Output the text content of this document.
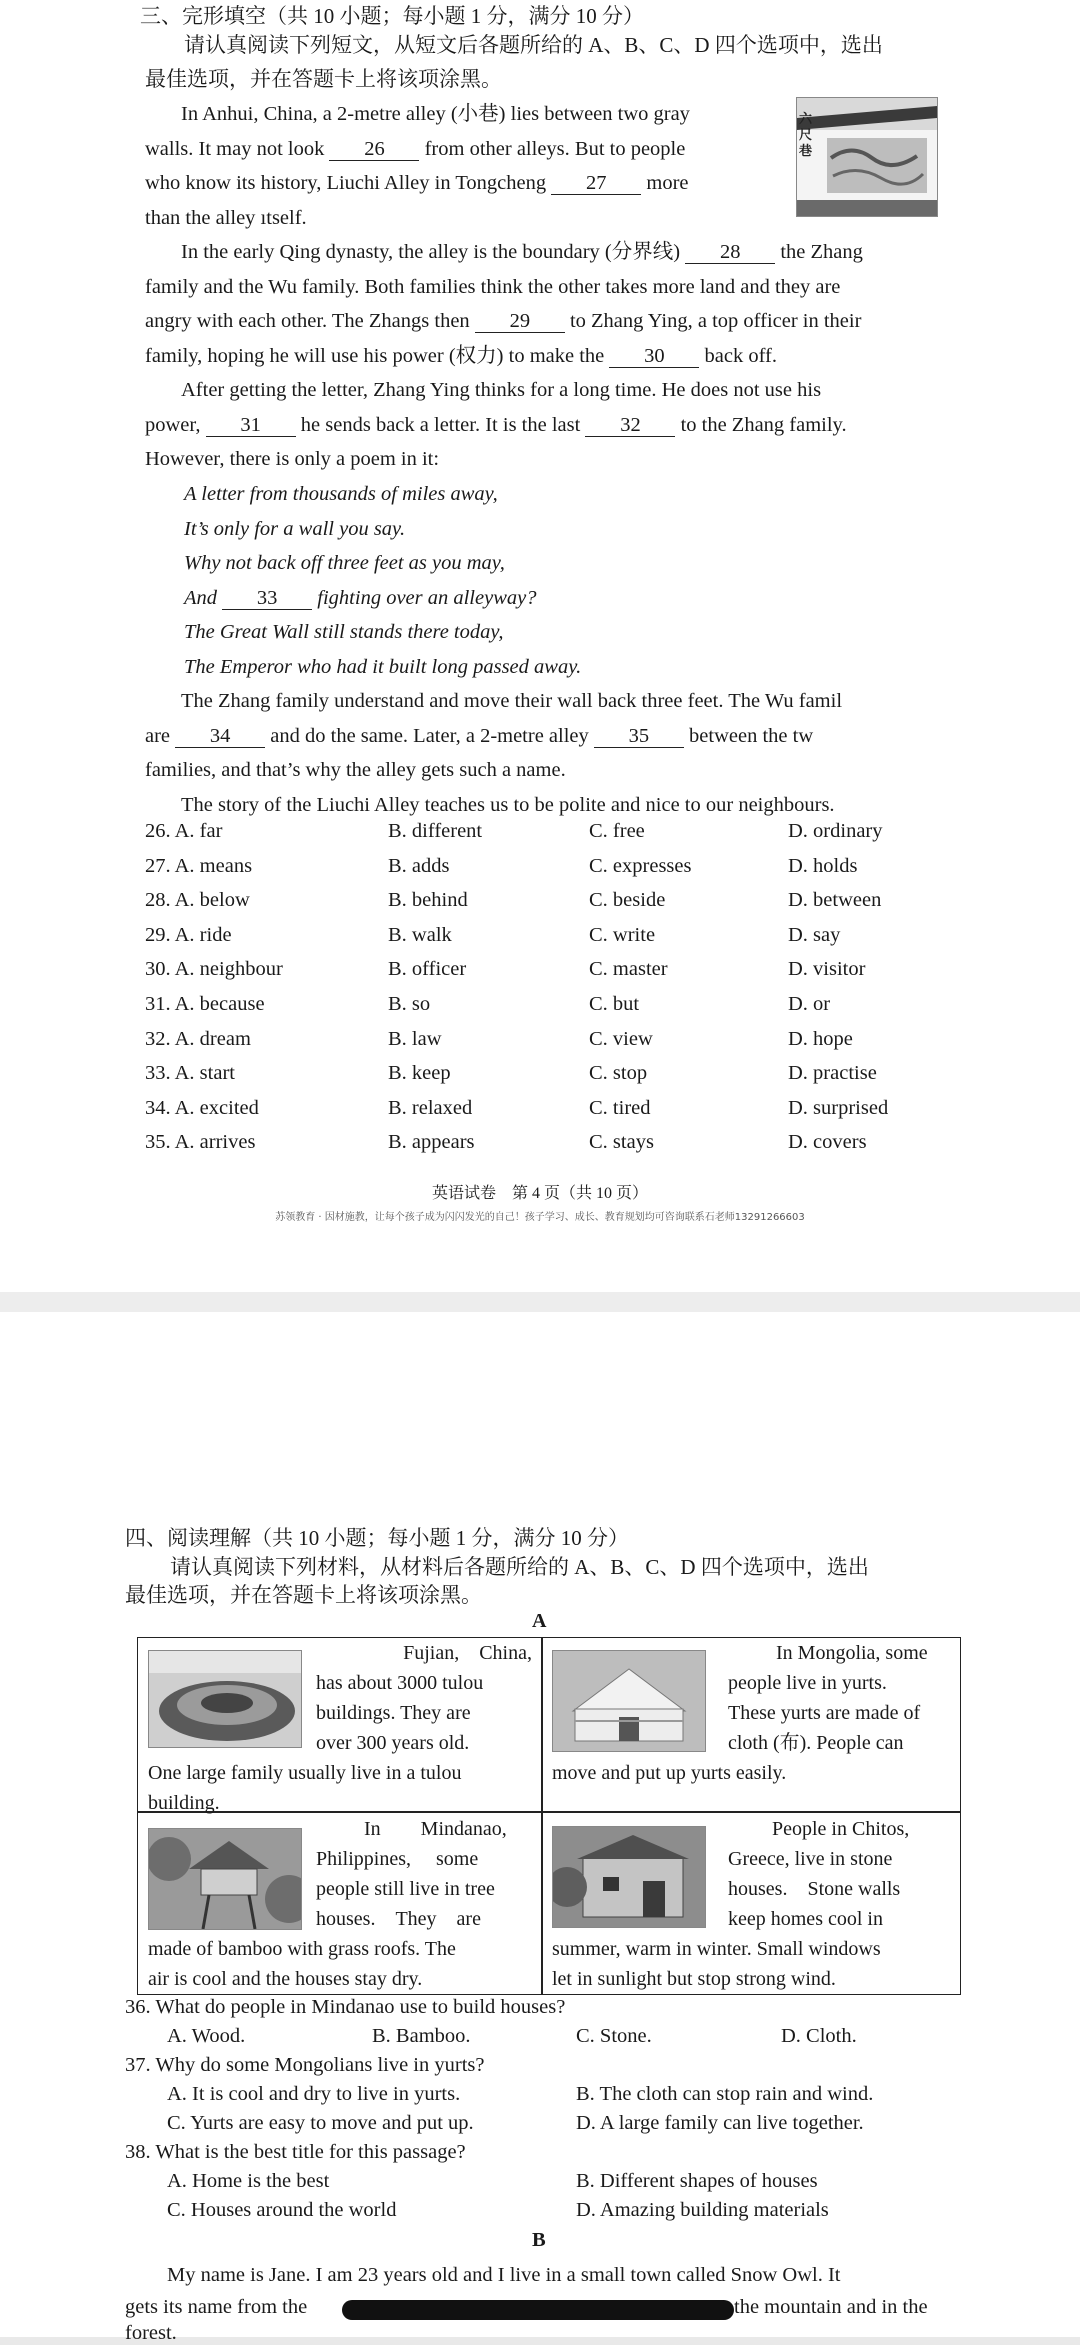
三、完形填空（共 10 小题；每小题 1 分，满分 10 分）
请认真阅读下列短文，从短文后各题所给的 A、B、C、D 四个选项中，选出
最佳选项，并在答题卡上将该项涂黑。
六尺巷
In Anhui, China, a 2-metre alley (小巷) lies between two gray
walls. It may not look 26 from other alleys. But to people
who know its history, Liuchi Alley in Tongcheng 27 more
than the alley ıtself.
In the early Qing dynasty, the alley is the boundary (分界线) 28 the Zhang
family and the Wu family. Both families think the other takes more land and they are
angry with each other. The Zhangs then 29 to Zhang Ying, a top officer in their
family, hoping he will use his power (权力) to make the 30 back off.
After getting the letter, Zhang Ying thinks for a long time. He does not use his
power, 31 he sends back a letter. It is the last 32 to the Zhang family.
However, there is only a poem in it:
A letter from thousands of miles away,
It’s only for a wall you say.
Why not back off three feet as you may,
And 33 fighting over an alleyway?
The Great Wall still stands there today,
The Emperor who had it built long passed away.
The Zhang family understand and move their wall back three feet. The Wu famil
are 34 and do the same. Later, a 2-metre alley 35 between the tw
families, and that’s why the alley gets such a name.
The story of the Liuchi Alley teaches us to be polite and nice to our neighbours.
26. A. far	B. different	C. free	D. ordinary
27. A. means	B. adds	C. expresses	D. holds
28. A. below	B. behind	C. beside	D. between
29. A. ride	B. walk	C. write	D. say
30. A. neighbour	B. officer	C. master	D. visitor
31. A. because	B. so	C. but	D. or
32. A. dream	B. law	C. view	D. hope
33. A. start	B. keep	C. stop	D. practise
34. A. excited	B. relaxed	C. tired	D. surprised
35. A. arrives	B. appears	C. stays	D. covers
英语试卷　第 4 页（共 10 页）
苏领教育 · 因材施教，让每个孩子成为闪闪发光的自己！孩子学习、成长、教育规划均可咨询联系石老师13291266603
四、阅读理解（共 10 小题；每小题 1 分，满分 10 分）
请认真阅读下列材料，从材料后各题所给的 A、B、C、D 四个选项中，选出
最佳选项，并在答题卡上将该项涂黑。
A
Fujian,　China,
has about 3000 tulou
buildings. They are
over 300 years old.
One large family usually live in a tulou
building.
In Mongolia, some
people live in yurts.
These yurts are made of
cloth (布). People can
move and put up yurts easily.
In　　Mindanao,
Philippines,　 some
people still live in tree
houses.　They　are
made of bamboo with grass roofs. The
air is cool and the houses stay dry.
People in Chitos,
Greece, live in stone
houses.　Stone walls
keep homes cool in
summer, warm in winter. Small windows
let in sunlight but stop strong wind.
36. What do people in Mindanao use to build houses?
A. Wood.	B. Bamboo.	C. Stone.	D. Cloth.
37. Why do some Mongolians live in yurts?
A. It is cool and dry to live in yurts.	B. The cloth can stop rain and wind.
C. Yurts are easy to move and put up.	D. A large family can live together.
38. What is the best title for this passage?
A. Home is the best	B. Different shapes of houses
C. Houses around the world	D. Amazing building materials
B
My name is Jane. I am 23 years old and I live in a small town called Snow Owl. It
gets its name from the	the mountain and in the
forest.
